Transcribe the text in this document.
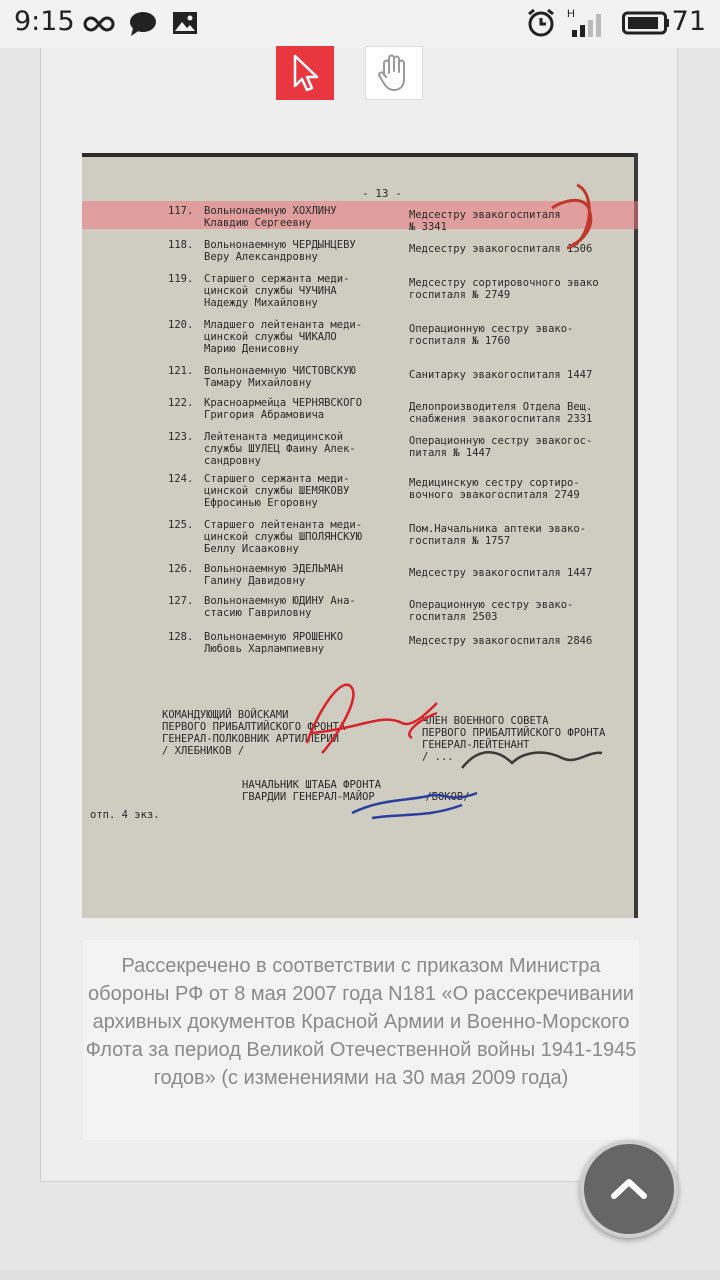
9:15	H	71
- 13 -
117. Вольнонаемную ХОХЛИНУ
Клавдию Сергеевну
Медсестру эвакогоспиталя
№ 3341
118. Вольнонаемную ЧЕРДЫНЦЕВУ
Веру Александровну
Медсестру эвакогоспиталя 1506
119. Старшего сержанта меди-
цинской службы ЧУЧИНА
Надежду Михайловну
Медсестру сортировочного эвако
госпиталя № 2749
120. Младшего лейтенанта меди-
цинской службы ЧИКАЛО
Марию Денисовну
Операционную сестру эвако-
госпиталя № 1760
121. Вольнонаемную ЧИСТОВСКУЮ
Тамару Михайловну
Санитарку эвакогоспиталя 1447
122. Красноармейца ЧЕРНЯВСКОГО
Григория Абрамовича
Делопроизводителя Отдела Вещ.
снабжения эвакогоспиталя 2331
123. Лейтенанта медицинской
службы ШУЛЕЦ Фаину Алек-
сандровну
Операционную сестру эвакогос-
питаля № 1447
124. Старшего сержанта меди-
цинской службы ШЕМЯКОВУ
Ефросинью Егоровну
Медицинскую сестру сортиро-
вочного эвакогоспиталя 2749
125. Старшего лейтенанта меди-
цинской службы ШПОЛЯНСКУЮ
Беллу Исааковну
Пом.Начальника аптеки эвако-
госпиталя № 1757
126. Вольнонаемную ЭДЕЛЬМАН
Галину Давидовну
Медсестру эвакогоспиталя 1447
127. Вольнонаемную ЮДИНУ Ана-
стасию Гавриловну
Операционную сестру эвако-
госпиталя 2503
128. Вольнонаемную ЯРОШЕНКО
Любовь Харлампиевну
Медсестру эвакогоспиталя 2846
КОМАНДУЮЩИЙ ВОЙСКАМИ
ПЕРВОГО ПРИБАЛТИЙСКОГО ФРОНТА
ГЕНЕРАЛ-ПОЛКОВНИК АРТИЛЛЕРИИ
/ ХЛЕБНИКОВ /
ЧЛЕН ВОЕННОГО СОВЕТА
ПЕРВОГО ПРИБАЛТИЙСКОГО ФРОНТА
ГЕНЕРАЛ-ЛЕЙТЕНАНТ
/ ...
НАЧАЛЬНИК ШТАБА ФРОНТА
ГВАРДИИ ГЕНЕРАЛ-МАЙОР        /БОКОВ/
отп. 4 экз.
Рассекречено в соответствии с приказом Министра обороны РФ от 8 мая 2007 года N181 «О рассекречивании архивных документов Красной Армии и Военно-Морского Флота за период Великой Отечественной войны 1941-1945 годов» (с изменениями на 30 мая 2009 года)
